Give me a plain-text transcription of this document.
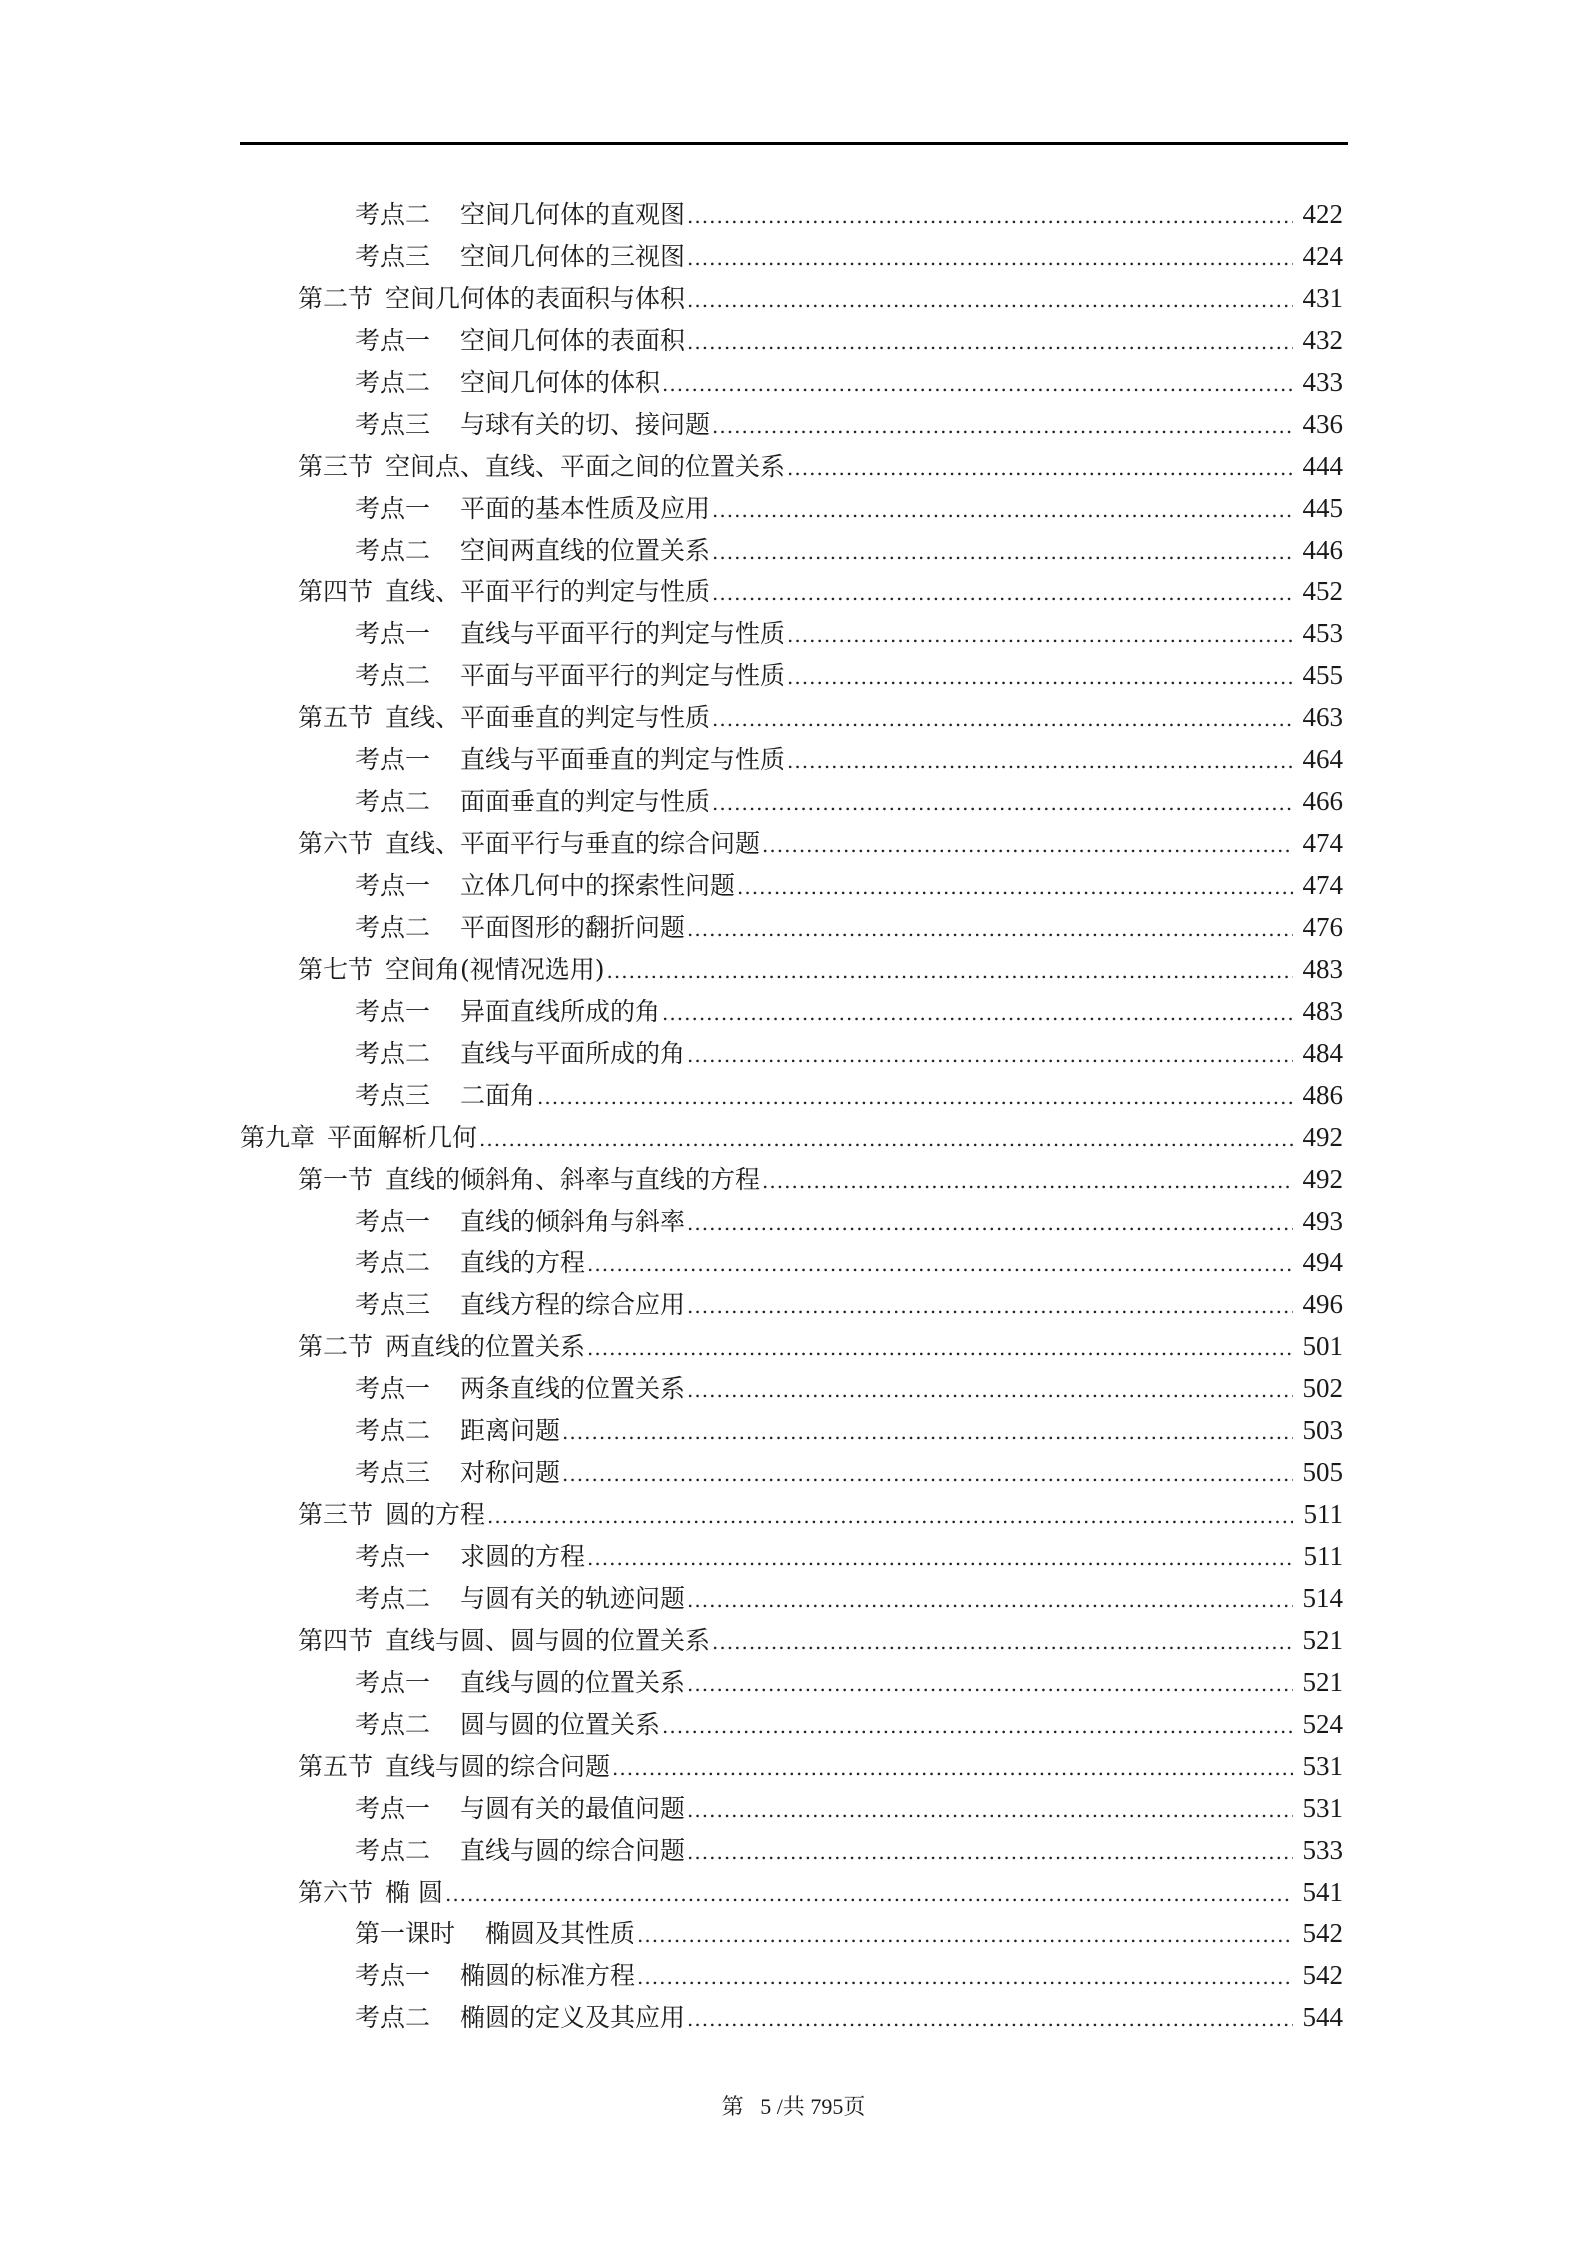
考点二 空间几何体的直观图 .....	422
考点三 空间几何体的三视图 .....	424
第二节 空间几何体的表面积与体积 .....	431
考点一 空间几何体的表面积 .....	432
考点二 空间几何体的体积 .....	433
考点三 与球有关的切、接问题 .....	436
第三节 空间点、直线、平面之间的位置关系 .....	444
考点一 平面的基本性质及应用 .....	445
考点二 空间两直线的位置关系 .....	446
第四节 直线、平面平行的判定与性质 .....	452
考点一 直线与平面平行的判定与性质 .....	453
考点二 平面与平面平行的判定与性质 .....	455
第五节 直线、平面垂直的判定与性质 .....	463
考点一 直线与平面垂直的判定与性质 .....	464
考点二 面面垂直的判定与性质 .....	466
第六节 直线、平面平行与垂直的综合问题 .....	474
考点一 立体几何中的探索性问题 .....	474
考点二 平面图形的翻折问题 .....	476
第七节 空间角(视情况选用) .....	483
考点一 异面直线所成的角 .....	483
考点二 直线与平面所成的角 .....	484
考点三 二面角 .....	486
第九章 平面解析几何 .....	492
第一节 直线的倾斜角、斜率与直线的方程 .....	492
考点一 直线的倾斜角与斜率 .....	493
考点二 直线的方程 .....	494
考点三 直线方程的综合应用 .....	496
第二节 两直线的位置关系 .....	501
考点一 两条直线的位置关系 .....	502
考点二 距离问题 .....	503
考点三 对称问题 .....	505
第三节 圆的方程 .....	511
考点一 求圆的方程 .....	511
考点二 与圆有关的轨迹问题 .....	514
第四节 直线与圆、圆与圆的位置关系 .....	521
考点一 直线与圆的位置关系 .....	521
考点二 圆与圆的位置关系 .....	524
第五节 直线与圆的综合问题 .....	531
考点一 与圆有关的最值问题 .....	531
考点二 直线与圆的综合问题 .....	533
第六节 椭 圆 .....	541
第一课时 椭圆及其性质 .....	542
考点一 椭圆的标准方程 .....	542
考点二 椭圆的定义及其应用 .....	544
第 5 /共 795页
